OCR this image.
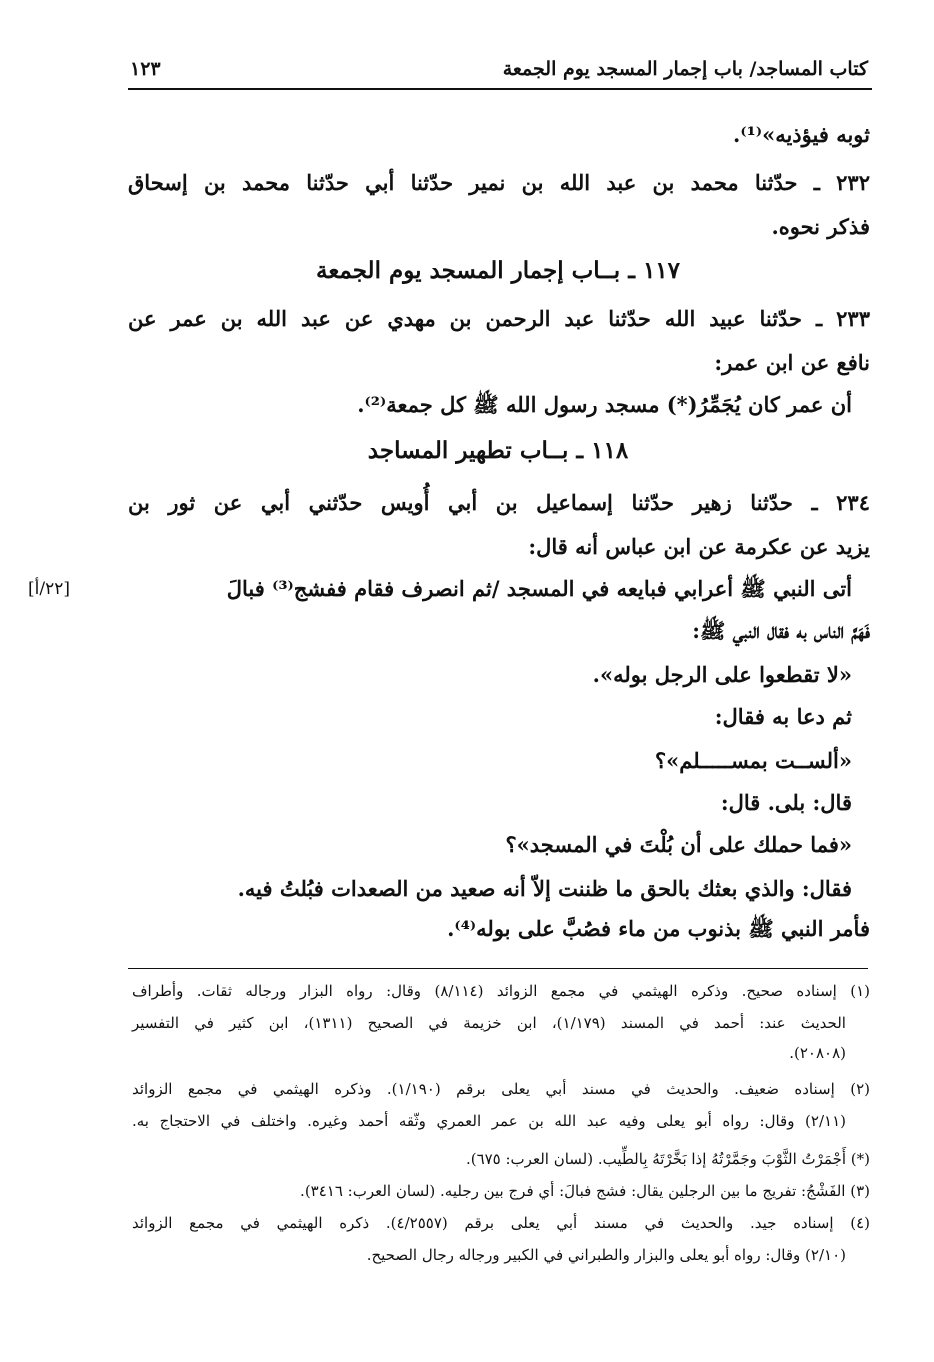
كتاب المساجد/ باب إجمار المسجد يوم الجمعة
١٢٣
ثوبه فيؤذيه»⁽¹⁾.
٢٣٢ ـ حدّثنا محمد بن عبد الله بن نمير حدّثنا أبي حدّثنا محمد بن إسحاق
فذكر نحوه.
١١٧ ـ بــاب إجمار المسجد يوم الجمعة
٢٣٣ ـ حدّثنا عبيد الله حدّثنا عبد الرحمن بن مهدي عن عبد الله بن عمر عن
نافع عن ابن عمر:
أن عمر كان يُجَمِّرُ(*) مسجد رسول الله ﷺ كل جمعة⁽²⁾.
١١٨ ـ بــاب تطهير المساجد
٢٣٤ ـ حدّثنا زهير حدّثنا إسماعيل بن أبي أُويس حدّثني أبي عن ثور بن
يزيد عن عكرمة عن ابن عباس أنه قال:
أتى النبي ﷺ أعرابي فبايعه في المسجد /ثم انصرف فقام ففشج⁽³⁾ فبالَ
[٢٢/أ]
فَهَمَّ الناس به فقال النبي ﷺ:
«لا تقطعوا على الرجل بوله».
ثم دعا به فقال:
«ألســت بمســـــلم»؟
قال: بلى. قال:
«فما حملك على أن بُلْتَ في المسجد»؟
فقال: والذي بعثك بالحق ما ظننت إلاّ أنه صعيد من الصعدات فبُلتُ فيه.
فأمر النبي ﷺ بذنوب من ماء فصُبَّ على بوله⁽⁴⁾.
(١) إسناده صحيح. وذكره الهيثمي في مجمع الزوائد (٨/١١٤) وقال: رواه البزار ورجاله ثقات. وأطراف
الحديث عند: أحمد في المسند (١/١٧٩)، ابن خزيمة في الصحيح (١٣١١)، ابن كثير في التفسير
(٢٠٨٠٨).
(٢) إسناده ضعيف. والحديث في مسند أبي يعلى برقم (١/١٩٠). وذكره الهيثمي في مجمع الزوائد
(٢/١١) وقال: رواه أبو يعلى وفيه عبد الله بن عمر العمري وثّقه أحمد وغيره. واختلف في الاحتجاج به.
(*) أَجْمَرْتُ الثَّوْبَ وجَمَّرْتُهُ إذا بَخَّرْتَهُ بِالطِّيب. (لسان العرب: ٦٧٥).
(٣) الفَشْجُ: تفريج ما بين الرجلين يقال: فشج فبالَ: أي فرج بين رجليه. (لسان العرب: ٣٤١٦).
(٤) إسناده جيد. والحديث في مسند أبي يعلى برقم (٤/٢٥٥٧). ذكره الهيثمي في مجمع الزوائد
(٢/١٠) وقال: رواه أبو يعلى والبزار والطبراني في الكبير ورجاله رجال الصحيح.
